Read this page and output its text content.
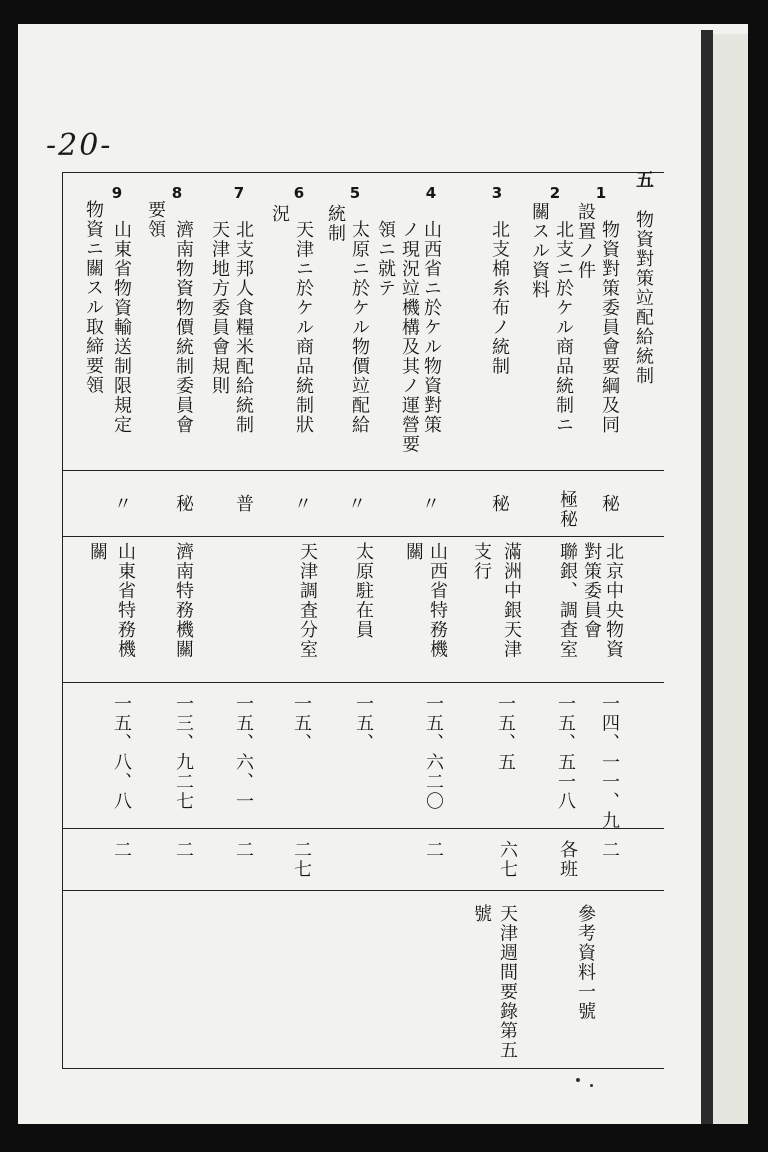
-20-
五
物資對策竝配給統制
1
物資對策委員會要綱及同
設置ノ件
秘
北京中央物資
對策委員會
一四、一一、九
二
參考資料一號
2
北支ニ於ケル商品統制ニ
關スル資料
極秘
聯銀、調査室
一五、五一八
各班
3
北支棉糸布ノ統制
秘
滿洲中銀天津
支行
一五、五
六七
天津週間要錄第五
號
4
山西省ニ於ケル物資對策
ノ現況竝機構及其ノ運營要
領ニ就テ
〃
山西省特務機
關
一五、六二〇
二
5
太原ニ於ケル物價竝配給
統制
〃
太原駐在員
一五、
6
天津ニ於ケル商品統制狀
況
〃
天津調査分室
一五、
二七
7
北支邦人食糧米配給統制
普
一五、六、一
二
天津地方委員會規則
8
濟南物資物價統制委員會
要領
秘
濟南特務機關
一三、九二七
二
9
山東省物資輸送制限規定
物資ニ關スル取締要領
〃
山東省特務機
關
一五、八、八
二
